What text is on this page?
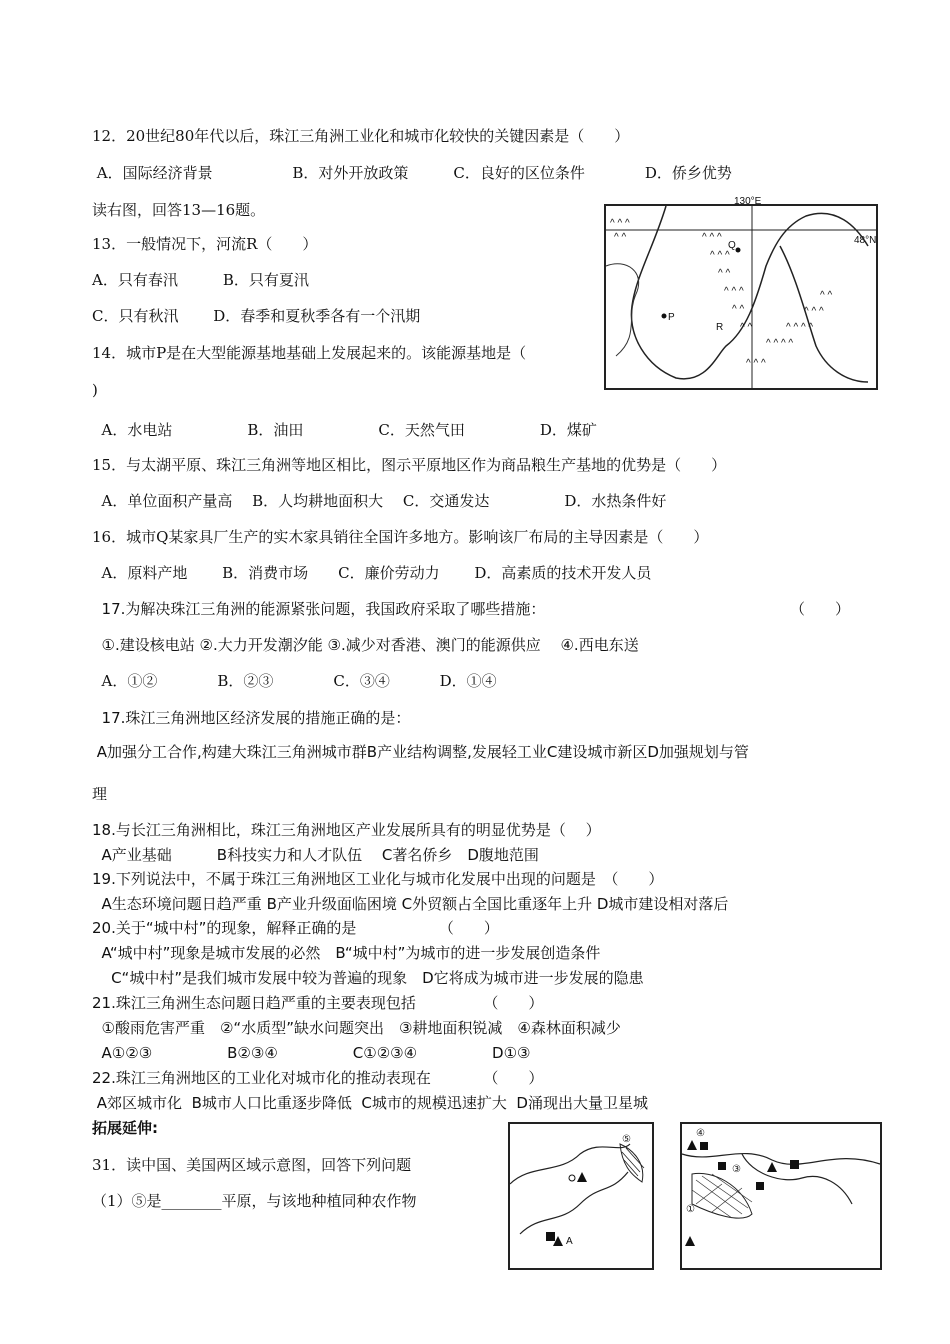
12．20世纪80年代以后，珠江三角洲工业化和城市化较快的关键因素是（　　）
A．国际经济背景　　　　　 B．对外开放政策　　　C．良好的区位条件　　　　D．侨乡优势
读右图，回答13—16题。
13．一般情况下，河流R（　　）
A．只有春汛　　　B．只有夏汛
C．只有秋汛　　 D．春季和夏秋季各有一个汛期
14．城市P是在大型能源基地基础上发展起来的。该能源基地是（
)
A．水电站　　　　　B．油田　　　　　C．天然气田　　　　　D．煤矿
15．与太湖平原、珠江三角洲等地区相比，图示平原地区作为商品粮生产基地的优势是（　　）
A．单位面积产量高　 B．人均耕地面积大　 C．交通发达　　　　　D．水热条件好
16．城市Q某家具厂生产的实木家具销往全国许多地方。影响该厂布局的主导因素是（　　）
A．原料产地　　 B．消费市场　　C．廉价劳动力　　 D．高素质的技术开发人员
17.为解决珠江三角洲的能源紧张问题，我国政府采取了哪些措施：	（　　）
①.建设核电站 ②.大力开发潮汐能 ③.减少对香港、澳门的能源供应　 ④.西电东送
A．①②　　　　B．②③　　　　C．③④　　　 D．①④
17.珠江三角洲地区经济发展的措施正确的是：
A加强分工合作,构建大珠江三角洲城市群B产业结构调整,发展轻工业C建设城市新区D加强规划与管
理
18.与长江三角洲相比，珠江三角洲地区产业发展所具有的明显优势是（　 ）
A产业基础　　　B科技实力和人才队伍　 C著名侨乡　D腹地范围
19.下列说法中，不属于珠江三角洲地区工业化与城市化发展中出现的问题是　（　　）
A生态环境问题日趋严重 B产业升级面临困境 C外贸额占全国比重逐年上升 D城市建设相对落后
20.关于“城中村”的现象，解释正确的是　　　　　　（　　）
A“城中村”现象是城市发展的必然　B“城中村”为城市的进一步发展创造条件
C“城中村”是我们城市发展中较为普遍的现象　D它将成为城市进一步发展的隐患
21.珠江三角洲生态问题日趋严重的主要表现包括　　　　　（　　）
①酸雨危害严重　②“水质型”缺水问题突出　③耕地面积锐减　④森林面积减少
A①②③　　　　　B②③④　　　　　C①②③④　　　　　D①③
22.珠江三角洲地区的工业化对城市化的推动表现在　　　　（　　）
A郊区城市化  B城市人口比重逐步降低  C城市的规模迅速扩大  D涌现出大量卫星城
拓展延伸:
31．读中国、美国两区域示意图，回答下列问题
（1）⑤是________平原，与该地种植同种农作物
130°E
48°N
P
Q
R
^ ^ ^
^ ^	^ ^ ^
^ ^ ^
^ ^
^ ^ ^
^ ^
^ ^
^ ^ ^
^ ^ ^ ^
^ ^ ^ ^
^ ^ ^
^ ^
⑤
A
④
③
①
